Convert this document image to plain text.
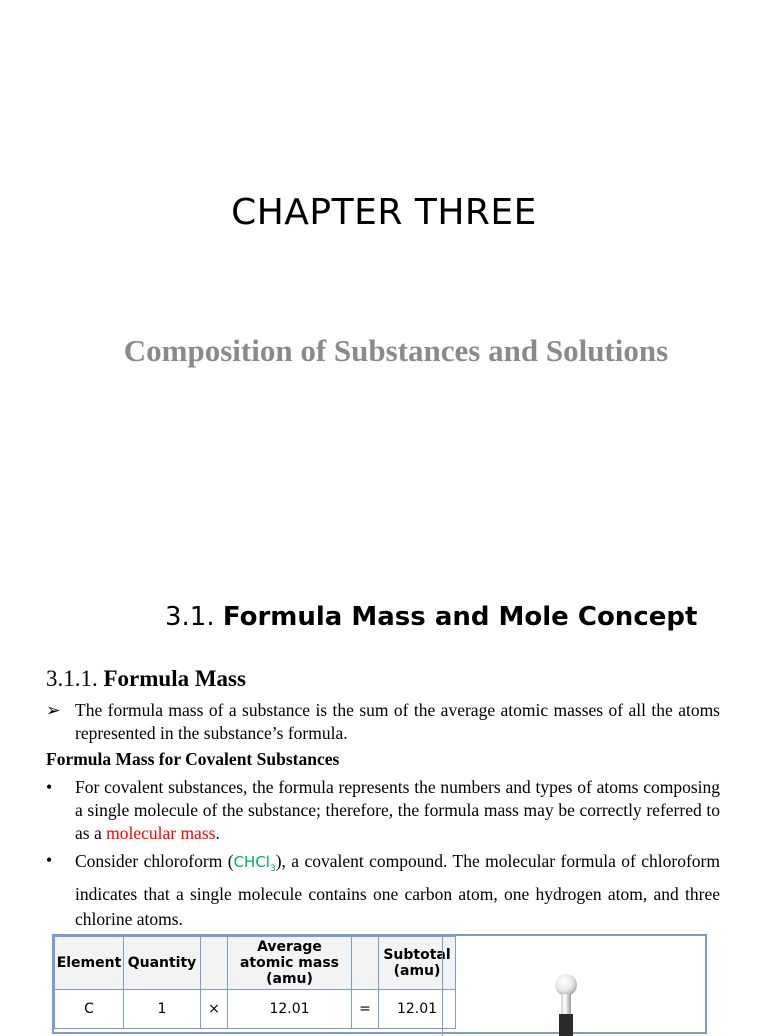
CHAPTER THREE
Composition of Substances and Solutions
3.1. Formula Mass and Mole Concept
3.1.1. Formula Mass
➢ The formula mass of a substance is the sum of the average atomic masses of all the atoms represented in the substance’s formula.
Formula Mass for Covalent Substances
• For covalent substances, the formula represents the numbers and types of atoms composing a single molecule of the substance; therefore, the formula mass may be correctly referred to as a molecular mass.
• Consider chloroform (CHCl$_3$), a covalent compound. The molecular formula of chloroform indicates that a single molecule contains one carbon atom, one hydrogen atom, and three chlorine atoms.
Element	Quantity		Average atomic mass (amu)		Subtotal (amu)
C	1	×	12.01	=	12.01
